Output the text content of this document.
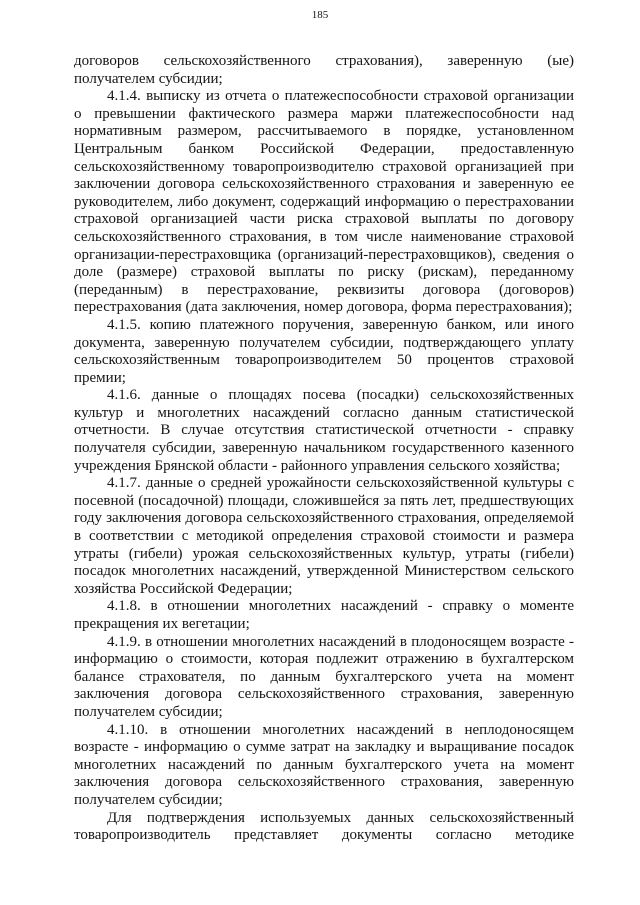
185

договоров сельскохозяйственного страхования), заверенную (ые) получателем субсидии;

4.1.4. выписку из отчета о платежеспособности страховой организации о превышении фактического размера маржи платежеспособности над нормативным размером, рассчитываемого в порядке, установленном Центральным банком Российской Федерации, предоставленную сельскохозяйственному товаропроизводителю страховой организацией при заключении договора сельскохозяйственного страхования и заверенную ее руководителем, либо документ, содержащий информацию о перестраховании страховой организацией части риска страховой выплаты по договору сельскохозяйственного страхования, в том числе наименование страховой организации-перестраховщика (организаций-перестраховщиков), сведения о доле (размере) страховой выплаты по риску (рискам), переданному (переданным) в перестрахование, реквизиты договора (договоров) перестрахования (дата заключения, номер договора, форма перестрахования);

4.1.5. копию платежного поручения, заверенную банком, или иного документа, заверенную получателем субсидии, подтверждающего уплату сельскохозяйственным товаропроизводителем 50 процентов страховой премии;

4.1.6. данные о площадях посева (посадки) сельскохозяйственных культур и многолетних насаждений согласно данным статистической отчетности. В случае отсутствия статистической отчетности - справку получателя субсидии, заверенную начальником государственного казенного учреждения Брянской области - районного управления сельского хозяйства;

4.1.7. данные о средней урожайности сельскохозяйственной культуры с посевной (посадочной) площади, сложившейся за пять лет, предшествующих году заключения договора сельскохозяйственного страхования, определяемой в соответствии с методикой определения страховой стоимости и размера утраты (гибели) урожая сельскохозяйственных культур, утраты (гибели) посадок многолетних насаждений, утвержденной Министерством сельского хозяйства Российской Федерации;

4.1.8. в отношении многолетних насаждений - справку о моменте прекращения их вегетации;

4.1.9. в отношении многолетних насаждений в плодоносящем возрасте - информацию о стоимости, которая подлежит отражению в бухгалтерском балансе страхователя, по данным бухгалтерского учета на момент заключения договора сельскохозяйственного страхования, заверенную получателем субсидии;

4.1.10. в отношении многолетних насаждений в неплодоносящем возрасте - информацию о сумме затрат на закладку и выращивание посадок многолетних насаждений по данным бухгалтерского учета на момент заключения договора сельскохозяйственного страхования, заверенную получателем субсидии;

Для подтверждения используемых данных сельскохозяйственный товаропроизводитель представляет документы согласно методике
